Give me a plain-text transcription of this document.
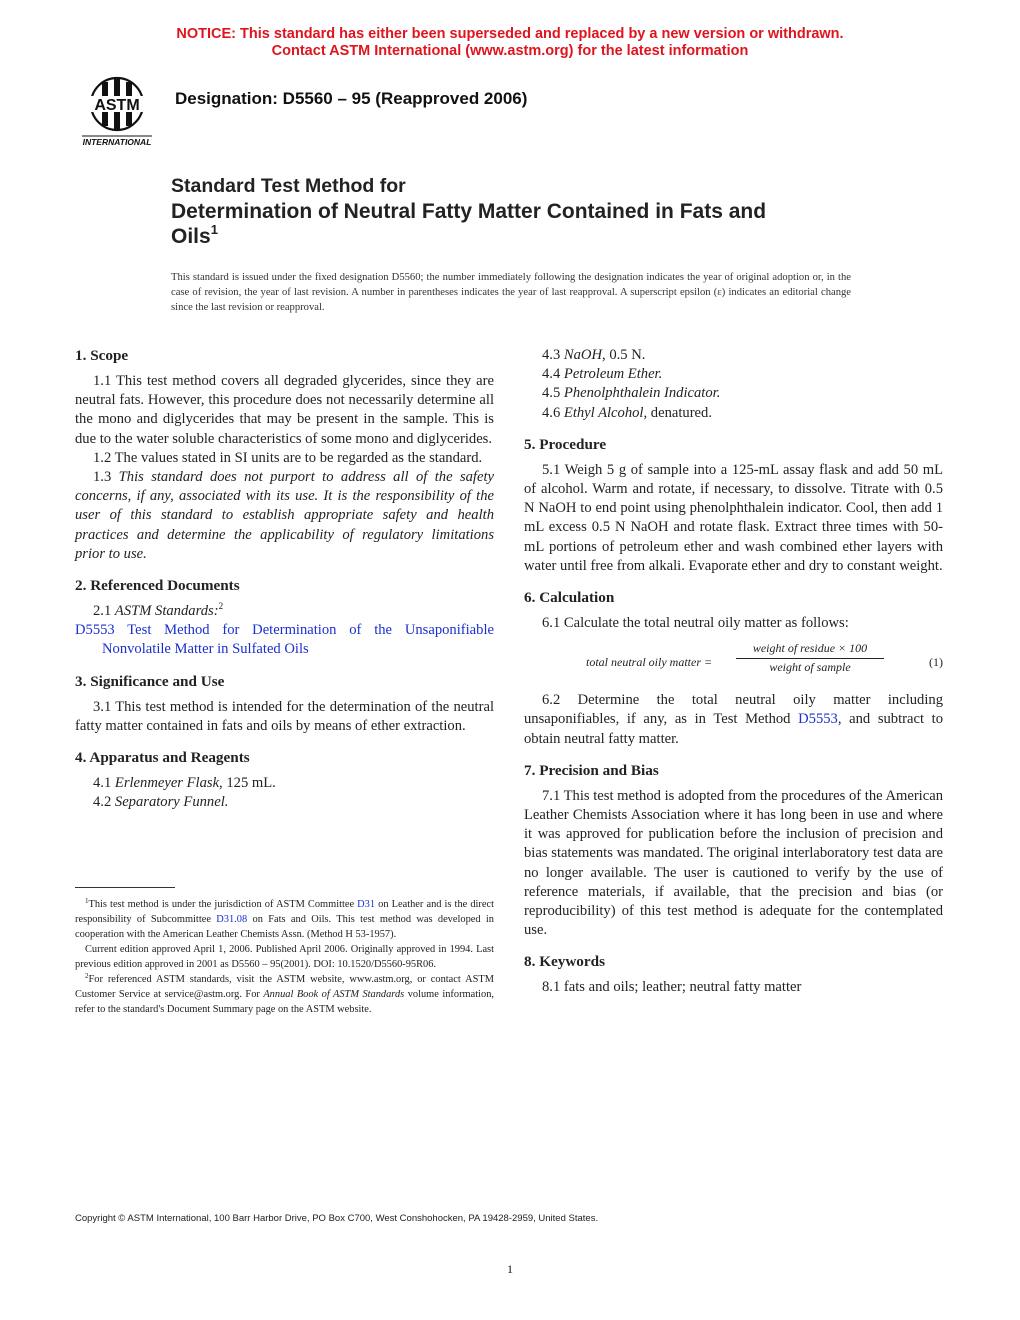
NOTICE: This standard has either been superseded and replaced by a new version or withdrawn.
Contact ASTM International (www.astm.org) for the latest information
ASTM
INTERNATIONAL
Designation: D5560 – 95 (Reapproved 2006)
Standard Test Method for
Determination of Neutral Fatty Matter Contained in Fats and
Oils$^1$
This standard is issued under the fixed designation D5560; the number immediately following the designation indicates the year of original adoption or, in the case of revision, the year of last revision. A number in parentheses indicates the year of last reapproval. A superscript epsilon (ε) indicates an editorial change since the last revision or reapproval.
1. Scope

1.1 This test method covers all degraded glycerides, since they are neutral fats. However, this procedure does not necessarily determine all the mono and diglycerides that may be present in the sample. This is due to the water soluble characteristics of some mono and diglycerides.

1.2 The values stated in SI units are to be regarded as the standard.

1.3 This standard does not purport to address all of the safety concerns, if any, associated with its use. It is the responsibility of the user of this standard to establish appropriate safety and health practices and determine the applicability of regulatory limitations prior to use.

2. Referenced Documents

2.1 ASTM Standards:$^2$

D5553 Test Method for Determination of the Unsaponifiable Nonvolatile Matter in Sulfated Oils

3. Significance and Use

3.1 This test method is intended for the determination of the neutral fatty matter contained in fats and oils by means of ether extraction.

4. Apparatus and Reagents

4.1 Erlenmeyer Flask, 125 mL.

4.2 Separatory Funnel.

$^1$This test method is under the jurisdiction of ASTM Committee D31 on Leather and is the direct responsibility of Subcommittee D31.08 on Fats and Oils. This test method was developed in cooperation with the American Leather Chemists Assn. (Method H 53-1957).

Current edition approved April 1, 2006. Published April 2006. Originally approved in 1994. Last previous edition approved in 2001 as D5560 – 95(2001). DOI: 10.1520/D5560-95R06.

$^2$For referenced ASTM standards, visit the ASTM website, www.astm.org, or contact ASTM Customer Service at service@astm.org. For Annual Book of ASTM Standards volume information, refer to the standard's Document Summary page on the ASTM website.

4.3 NaOH, 0.5 N.

4.4 Petroleum Ether.

4.5 Phenolphthalein Indicator.

4.6 Ethyl Alcohol, denatured.

5. Procedure

5.1 Weigh 5 g of sample into a 125-mL assay flask and add 50 mL of alcohol. Warm and rotate, if necessary, to dissolve. Titrate with 0.5 N NaOH to end point using phenolphthalein indicator. Cool, then add 1 mL excess 0.5 N NaOH and rotate flask. Extract three times with 50-mL portions of petroleum ether and wash combined ether layers with water until free from alkali. Evaporate ether and dry to constant weight.

6. Calculation

6.1 Calculate the total neutral oily matter as follows:

total neutral oily matter =
weight of residue × 100
weight of sample	(1)

6.2 Determine the total neutral oily matter including unsaponifiables, if any, as in Test Method D5553, and subtract to obtain neutral fatty matter.

7. Precision and Bias

7.1 This test method is adopted from the procedures of the American Leather Chemists Association where it has long been in use and where it was approved for publication before the inclusion of precision and bias statements was mandated. The original interlaboratory test data are no longer available. The user is cautioned to verify by the use of reference materials, if available, that the precision and bias (or reproducibility) of this test method is adequate for the contemplated use.

8. Keywords

8.1 fats and oils; leather; neutral fatty matter

Copyright © ASTM International, 100 Barr Harbor Drive, PO Box C700, West Conshohocken, PA 19428-2959, United States.
1
